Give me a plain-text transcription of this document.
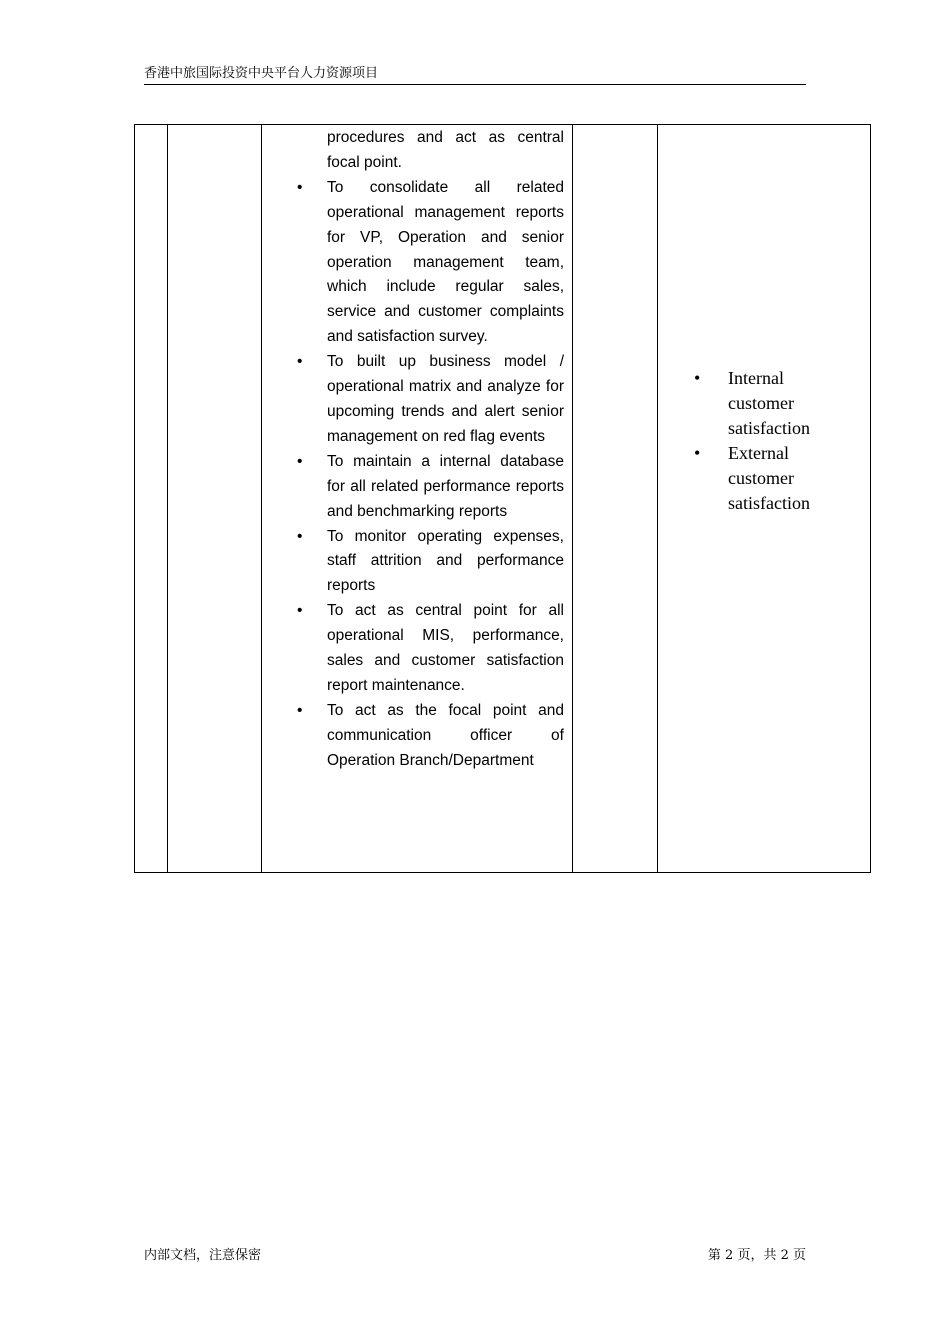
香港中旅国际投资中央平台人力资源项目

procedures and act as central focal point.
• To consolidate all related operational management reports for VP, Operation and senior operation management team, which include regular sales, service and customer complaints and satisfaction survey.
• To built up business model / operational matrix and analyze for upcoming trends and alert senior management on red flag events
• To maintain a internal database for all related performance reports and benchmarking reports
• To monitor operating expenses, staff attrition and performance reports
• To act as central point for all operational MIS, performance, sales and customer satisfaction report maintenance.
• To act as the focal point and communication officer of Operation Branch/Department

• Internal customer satisfaction
• External customer satisfaction
内部文档，注意保密	第 2 页，共 2 页
